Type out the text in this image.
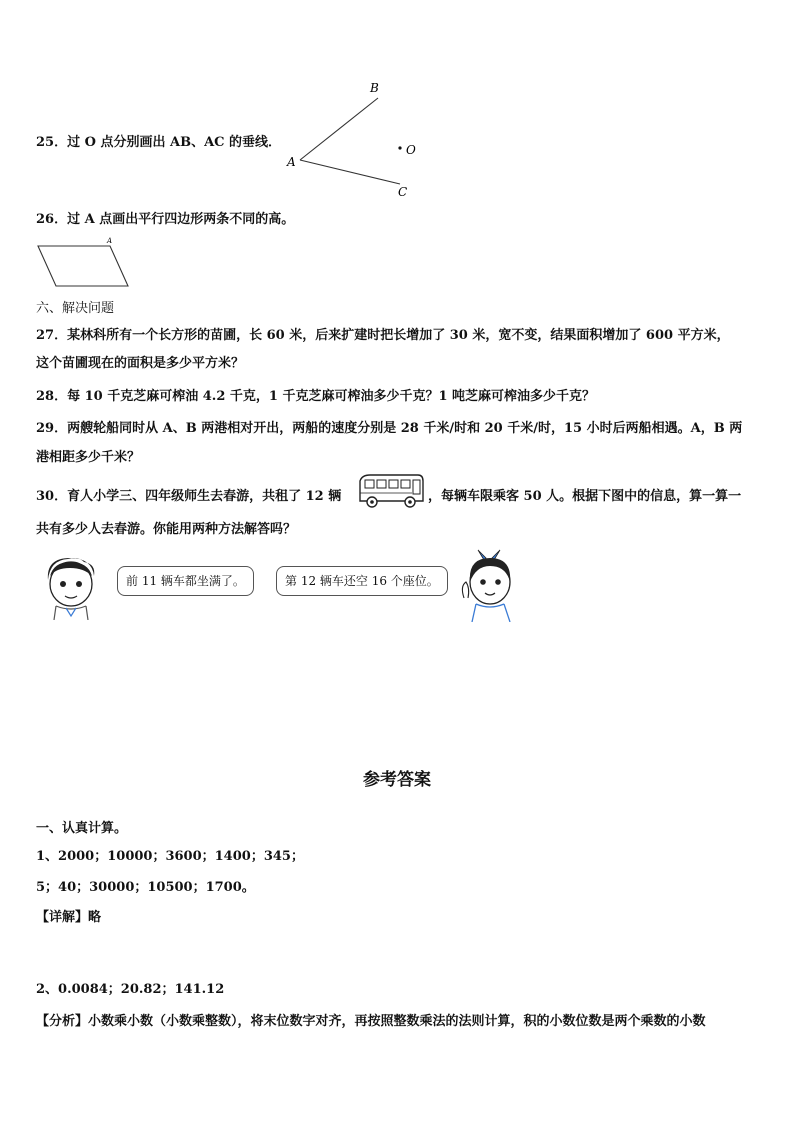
25．过 O 点分别画出 AB、AC 的垂线．
B
A
C
O
26．过 A 点画出平行四边形两条不同的高。
A
六、解决问题
27．某林科所有一个长方形的苗圃，长 60 米，后来扩建时把长增加了 30 米，宽不变，结果面积增加了 600 平方米，
这个苗圃现在的面积是多少平方米？
28．每 10 千克芝麻可榨油 4.2 千克，1 千克芝麻可榨油多少千克？1 吨芝麻可榨油多少千克？
29．两艘轮船同时从 A、B 两港相对开出，两船的速度分别是 28 千米/时和 20 千米/时，15 小时后两船相遇。A，B 两
港相距多少千米？
30．育人小学三、四年级师生去春游，共租了 12 辆	，每辆车限乘客 50 人。根据下图中的信息，算一算一
共有多少人去春游。你能用两种方法解答吗？
前 11 辆车都坐满了。	第 12 辆车还空 16 个座位。
参考答案
一、认真计算。
1、2000；10000；3600；1400；345；
5；40；30000；10500；1700。
【详解】略
2、0.0084；20.82；141.12
【分析】小数乘小数（小数乘整数），将末位数字对齐，再按照整数乘法的法则计算，积的小数位数是两个乘数的小数
